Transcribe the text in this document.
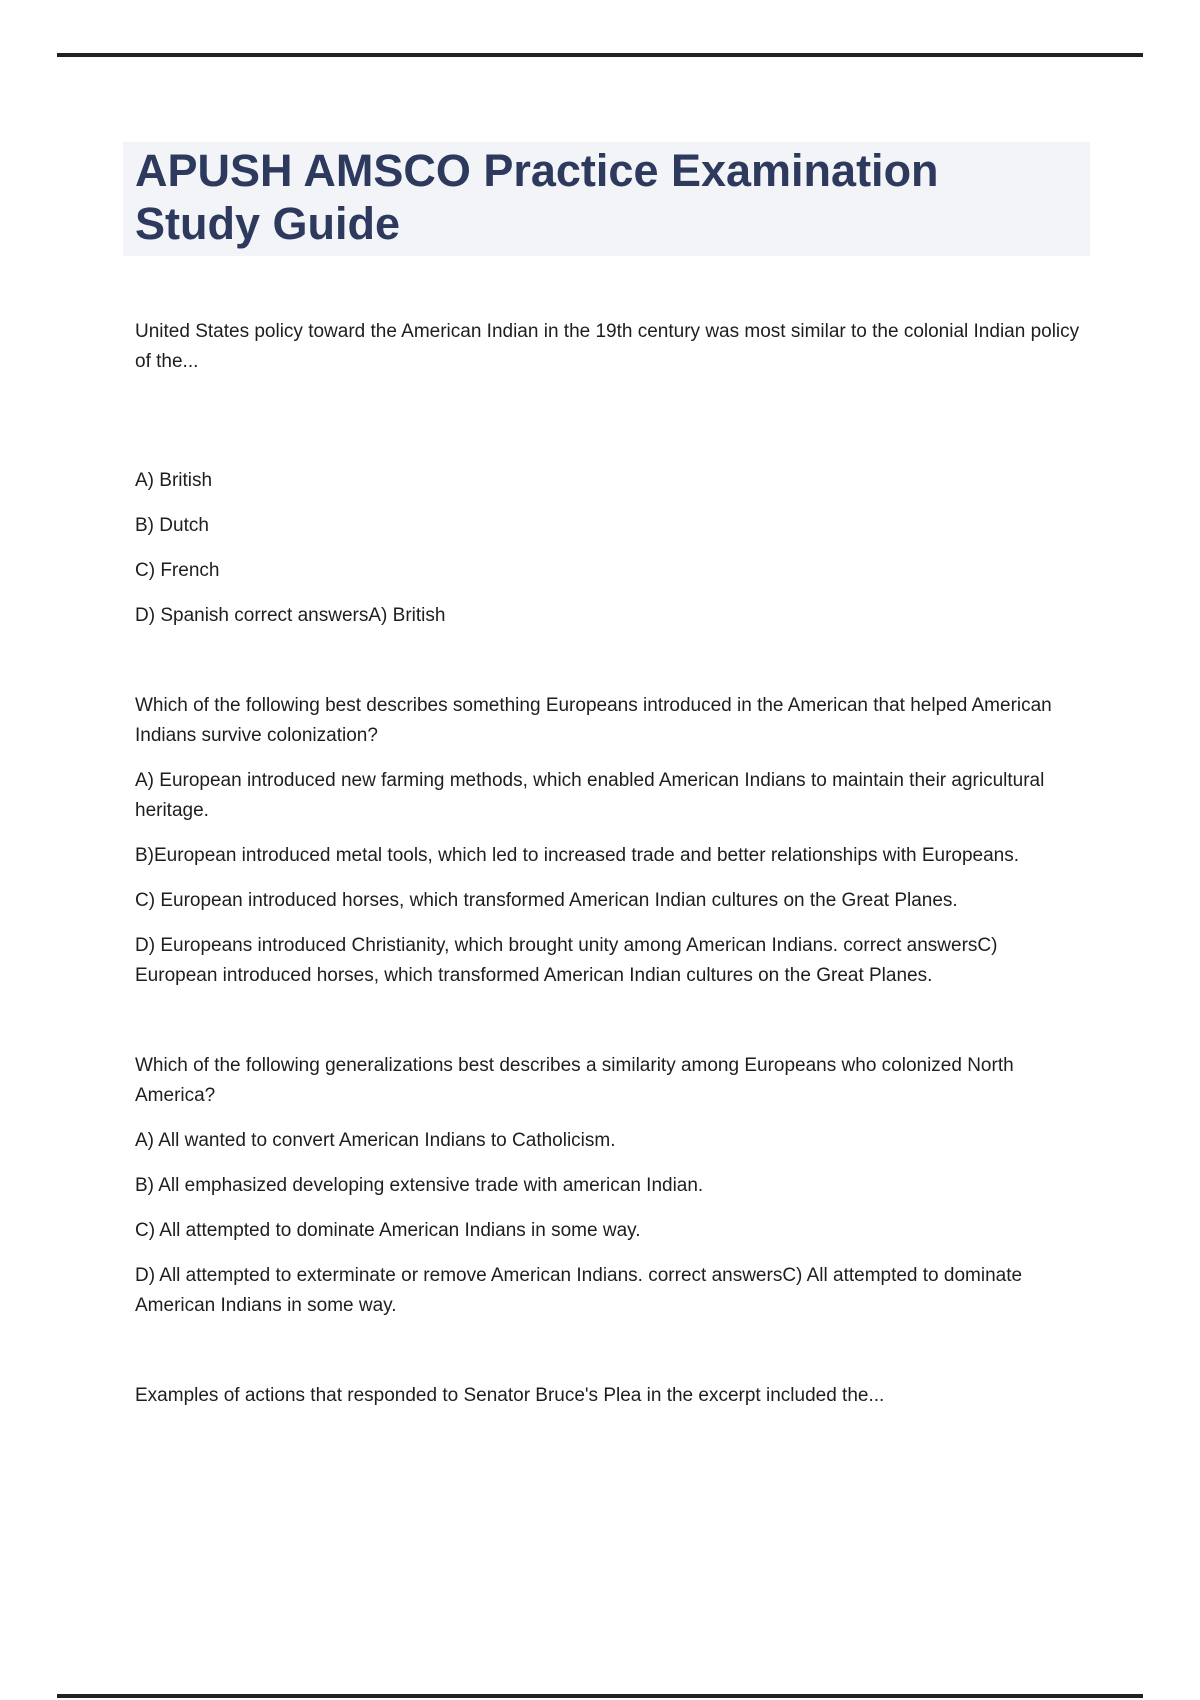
APUSH AMSCO Practice Examination
Study Guide

United States policy toward the American Indian in the 19th century was most similar to the colonial Indian policy of the...

A) British

B) Dutch

C) French

D) Spanish correct answersA) British

Which of the following best describes something Europeans introduced in the American that helped American Indians survive colonization?

A) European introduced new farming methods, which enabled American Indians to maintain their agricultural heritage.

B)European introduced metal tools, which led to increased trade and better relationships with Europeans.

C) European introduced horses, which transformed American Indian cultures on the Great Planes.

D) Europeans introduced Christianity, which brought unity among American Indians. correct answersC) European introduced horses, which transformed American Indian cultures on the Great Planes.

Which of the following generalizations best describes a similarity among Europeans who colonized North America?

A) All wanted to convert American Indians to Catholicism.

B) All emphasized developing extensive trade with american Indian.

C) All attempted to dominate American Indians in some way.

D) All attempted to exterminate or remove American Indians. correct answersC) All attempted to dominate American Indians in some way.

Examples of actions that responded to Senator Bruce's Plea in the excerpt included the...
